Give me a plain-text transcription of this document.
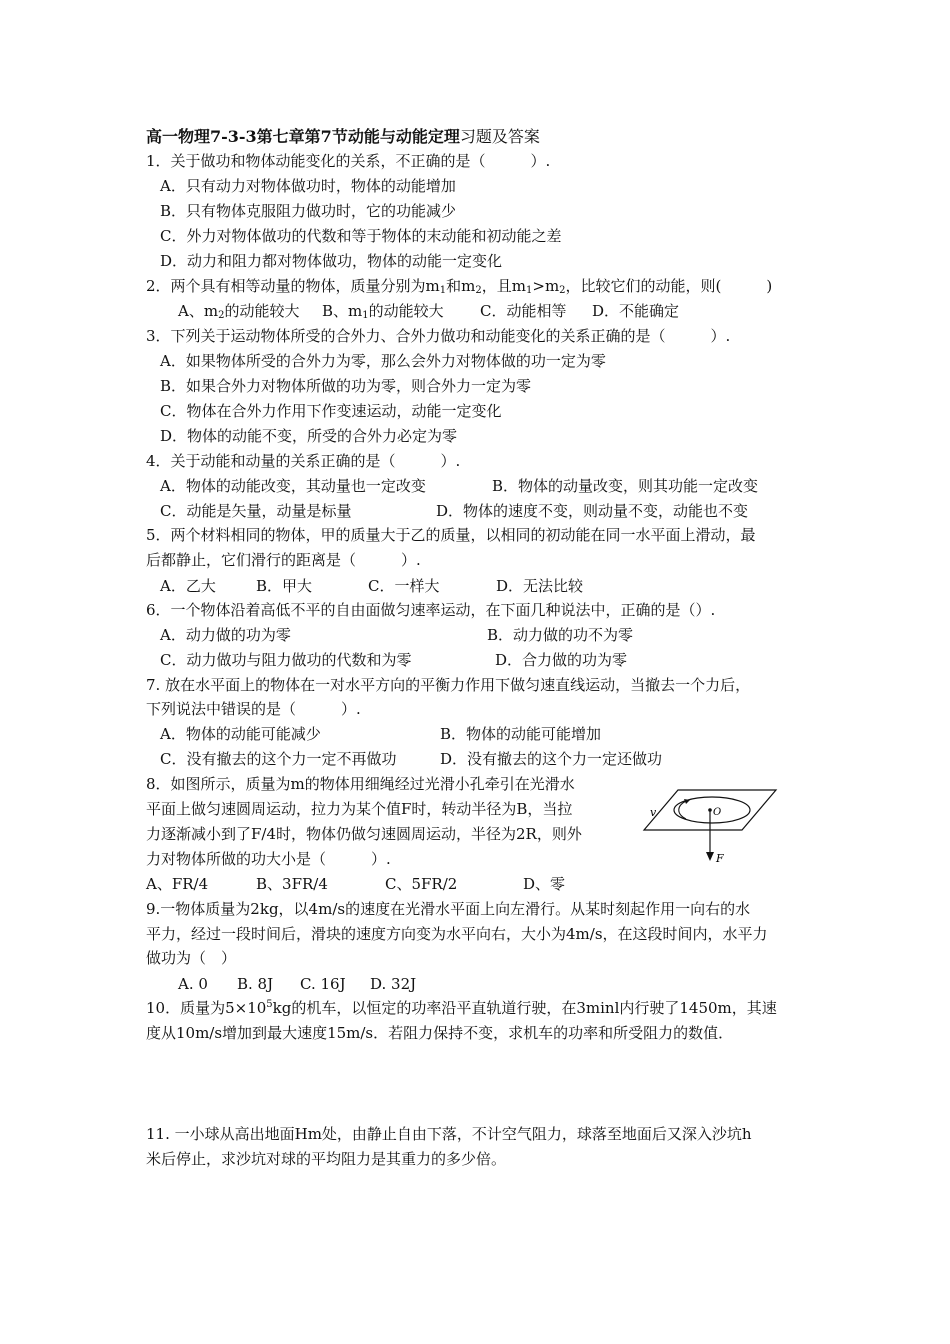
高一物理7-3-3第七章第7节动能与动能定理习题及答案
1．关于做功和物体动能变化的关系，不正确的是（　　　）.
A．只有动力对物体做功时，物体的动能增加
B．只有物体克服阻力做功时，它的功能减少
C．外力对物体做功的代数和等于物体的末动能和初动能之差
D．动力和阻力都对物体做功，物体的动能一定变化
2．两个具有相等动量的物体，质量分别为$m_1$和$m_2$，且$m_1>m_2$，比较它们的动能，则(　　　)
A、$m_2$的动能较大 B、$m_1$的动能较大 C．动能相等 D．不能确定
3．下列关于运动物体所受的合外力、合外力做功和动能变化的关系正确的是（　　　）.
A．如果物体所受的合外力为零，那么会外力对物体做的功一定为零
B．如果合外力对物体所做的功为零，则合外力一定为零
C．物体在合外力作用下作变速运动，动能一定变化
D．物体的动能不变，所受的合外力必定为零
4．关于动能和动量的关系正确的是（　　　）.
A．物体的动能改变，其动量也一定改变	B．物体的动量改变，则其功能一定改变
C．动能是矢量，动量是标量	D．物体的速度不变，则动量不变，动能也不变
5．两个材料相同的物体，甲的质量大于乙的质量，以相同的初动能在同一水平面上滑动，最
后都静止，它们滑行的距离是（　　　）.
A．乙大	B．甲大	C．一样大	D．无法比较
6．一个物体沿着高低不平的自由面做匀速率运动，在下面几种说法中，正确的是（）.
A．动力做的功为零	B．动力做的功不为零
C．动力做功与阻力做功的代数和为零	D．合力做的功为零
7. 放在水平面上的物体在一对水平方向的平衡力作用下做匀速直线运动，当撤去一个力后，
下列说法中错误的是（　　　）.
A．物体的动能可能减少	B．物体的动能可能增加
C．没有撤去的这个力一定不再做功	D．没有撤去的这个力一定还做功
8．如图所示，质量为m的物体用细绳经过光滑小孔牵引在光滑水
平面上做匀速圆周运动，拉力为某个值F时，转动半径为B，当拉
力逐渐减小到了F/4时，物体仍做匀速圆周运动，半径为2R，则外
力对物体所做的功大小是（　　　）.
A、FR/4	B、3FR/4	C、5FR/2	D、零
v	O
F
9.一物体质量为2kg，以4m/s的速度在光滑水平面上向左滑行。从某时刻起作用一向右的水
平力，经过一段时间后，滑块的速度方向变为水平向右，大小为4m/s，在这段时间内，水平力
做功为（　）
A. 0 B. 8J C. 16J D. 32J
10．质量为$5\times 10^5kg$的机车，以恒定的功率沿平直轨道行驶，在3minl内行驶了1450m，其速
度从10m/s增加到最大速度15m/s．若阻力保持不变，求机车的功率和所受阻力的数值．
11. 一小球从高出地面Hm处，由静止自由下落，不计空气阻力，球落至地面后又深入沙坑h
米后停止，求沙坑对球的平均阻力是其重力的多少倍。
